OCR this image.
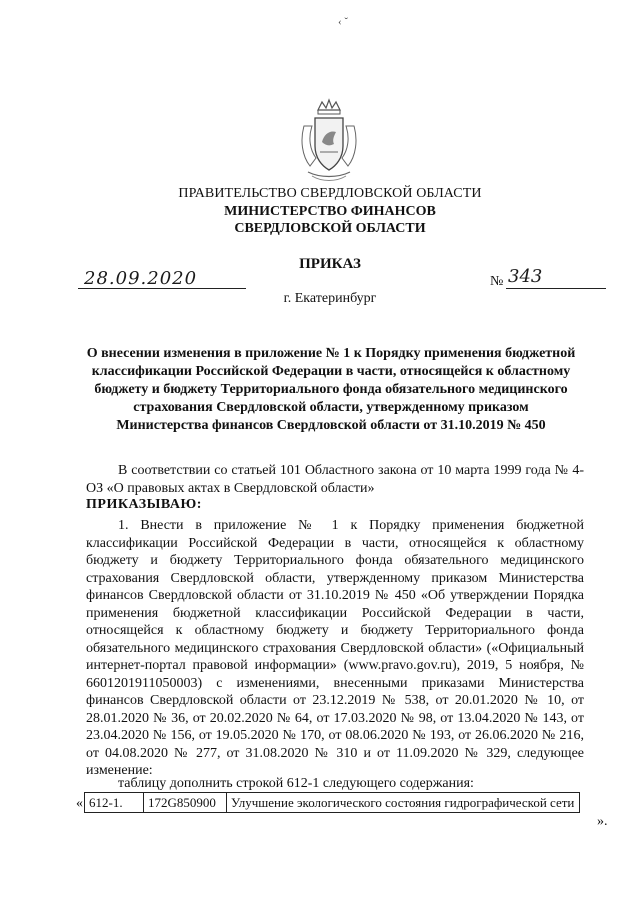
‹ ˇ
ПРАВИТЕЛЬСТВО СВЕРДЛОВСКОЙ ОБЛАСТИ
МИНИСТЕРСТВО ФИНАНСОВ
СВЕРДЛОВСКОЙ ОБЛАСТИ
ПРИКАЗ
28.09.2020	№ 343
г. Екатеринбург
О внесении изменения в приложение № 1 к Порядку применения бюджетной классификации Российской Федерации в части, относящейся к областному бюджету и бюджету Территориального фонда обязательного медицинского страхования Свердловской области, утвержденному приказом Министерства финансов Свердловской области от 31.10.2019 № 450
В соответствии со статьей 101 Областного закона от 10 марта 1999 года № 4-ОЗ «О правовых актах в Свердловской области»
ПРИКАЗЫВАЮ:
1. Внести в приложение № 1 к Порядку применения бюджетной классификации Российской Федерации в части, относящейся к областному бюджету и бюджету Территориального фонда обязательного медицинского страхования Свердловской области, утвержденному приказом Министерства финансов Свердловской области от 31.10.2019 № 450 «Об утверждении Порядка применения бюджетной классификации Российской Федерации в части, относящейся к областному бюджету и бюджету Территориального фонда обязательного медицинского страхования Свердловской области» («Официальный интернет-портал правовой информации» (www.pravo.gov.ru), 2019, 5 ноября, № 6601201911050003) с изменениями, внесенными приказами Министерства финансов Свердловской области от 23.12.2019 № 538, от 20.01.2020 № 10, от 28.01.2020 № 36, от 20.02.2020 № 64, от 17.03.2020 № 98, от 13.04.2020 № 143, от 23.04.2020 № 156, от 19.05.2020 № 170, от 08.06.2020 № 193, от 26.06.2020 № 216, от 04.08.2020 № 277, от 31.08.2020 № 310 и от 11.09.2020 № 329, следующее изменение:
таблицу дополнить строкой 612-1 следующего содержания:
« 612-1.	172G850900	Улучшение экологического состояния гидрографической сети
».
